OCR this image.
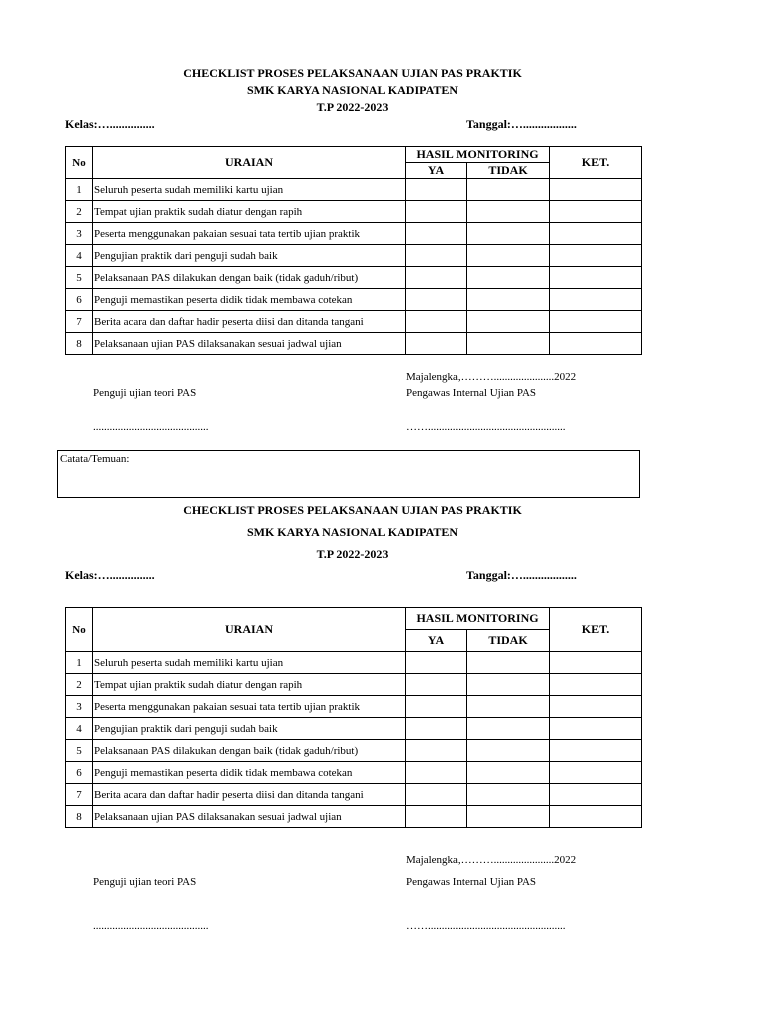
CHECKLIST PROSES PELAKSANAAN UJIAN PAS PRAKTIK
SMK KARYA NASIONAL KADIPATEN
T.P 2022-2023
Kelas:…...............	Tanggal:…..................
No	URAIAN	HASIL MONITORING		KET.
		YA	TIDAK	
1	Seluruh peserta sudah memiliki kartu ujian			
2	Tempat ujian praktik sudah diatur dengan rapih			
3	Peserta menggunakan pakaian sesuai tata tertib ujian praktik			
4	Pengujian praktik dari penguji sudah baik			
5	Pelaksanaan PAS dilakukan dengan baik (tidak gaduh/ribut)			
6	Penguji memastikan peserta didik tidak membawa cotekan			
7	Berita acara dan daftar hadir peserta diisi dan ditanda tangani			
8	Pelaksanaan ujian PAS dilaksanakan sesuai jadwal ujian			
Majalengka,………......................2022
Penguji ujian teori PAS	Pengawas Internal Ujian PAS
..........................................	……..................................................
Catata/Temuan:
CHECKLIST PROSES PELAKSANAAN UJIAN PAS PRAKTIK
SMK KARYA NASIONAL KADIPATEN
T.P 2022-2023
Kelas:…...............	Tanggal:…..................
No	URAIAN	HASIL MONITORING		KET.
		YA	TIDAK	
1	Seluruh peserta sudah memiliki kartu ujian			
2	Tempat ujian praktik sudah diatur dengan rapih			
3	Peserta menggunakan pakaian sesuai tata tertib ujian praktik			
4	Pengujian praktik dari penguji sudah baik			
5	Pelaksanaan PAS dilakukan dengan baik (tidak gaduh/ribut)			
6	Penguji memastikan peserta didik tidak membawa cotekan			
7	Berita acara dan daftar hadir peserta diisi dan ditanda tangani			
8	Pelaksanaan ujian PAS dilaksanakan sesuai jadwal ujian			
Majalengka,………......................2022
Penguji ujian teori PAS	Pengawas Internal Ujian PAS
..........................................	……..................................................
